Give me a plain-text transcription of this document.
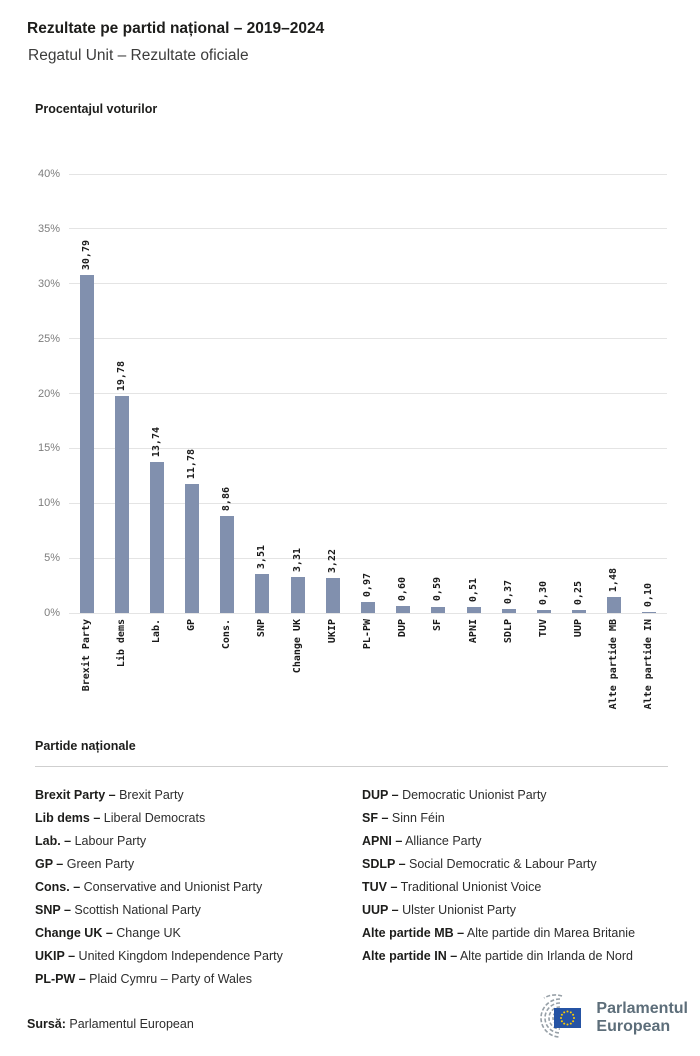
Rezultate pe partid național – 2019–2024
Regatul Unit – Rezultate oficiale
Procentajul voturilor
0%
5%
10%
15%
20%
25%
30%
35%
40%
30,79
19,78
13,74
11,78
8,86
3,51 3,31 3,22
0,97 0,60 0,59 0,51 0,37 0,30 0,25
1,48
0,10
Brexit Party Lib dems Lab. GP Cons. SNP Change UK UKIP PL-PW DUP SF APNI SDLP TUV UUP Alte partide MB Alte partide IN
Partide naționale
Brexit Party – Brexit Party
Lib dems – Liberal Democrats
Lab. – Labour Party
GP – Green Party
Cons. – Conservative and Unionist Party
SNP – Scottish National Party
Change UK – Change UK
UKIP – United Kingdom Independence Party
PL-PW – Plaid Cymru – Party of Wales
DUP – Democratic Unionist Party
SF – Sinn Féin
APNI – Alliance Party
SDLP – Social Democratic & Labour Party
TUV – Traditional Unionist Voice
UUP – Ulster Unionist Party
Alte partide MB – Alte partide din Marea Britanie
Alte partide IN – Alte partide din Irlanda de Nord
Sursă: Parlamentul European
Parlamentul
European
